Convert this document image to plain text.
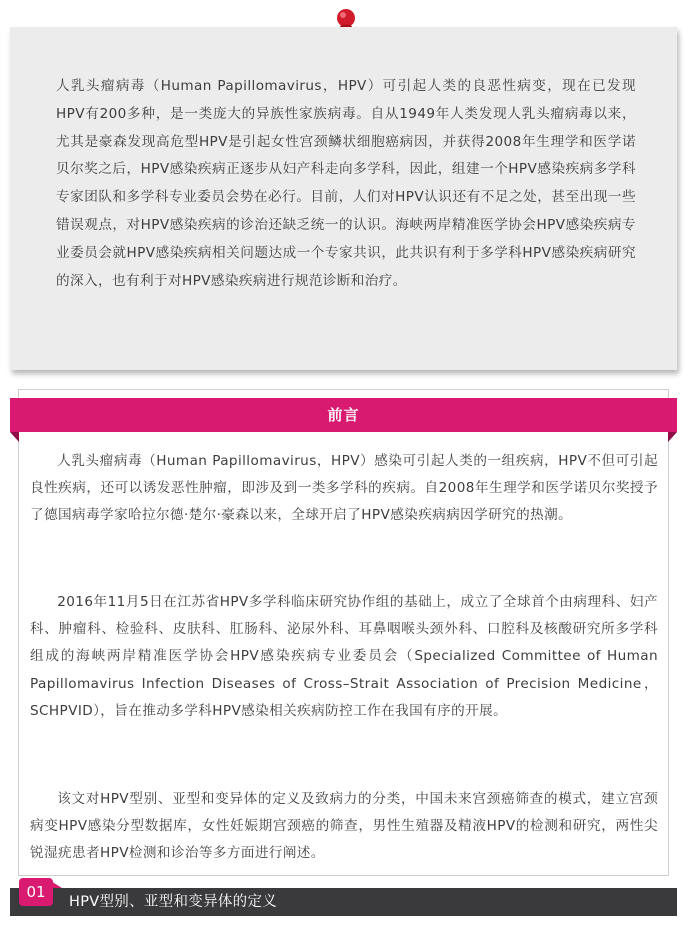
人乳头瘤病毒（Human Papillomavirus，HPV）可引起人类的良恶性病变，现在已发现HPV有200多种，是一类庞大的异族性家族病毒。自从1949年人类发现人乳头瘤病毒以来，尤其是豪森发现高危型HPV是引起女性宫颈鳞状细胞癌病因，并获得2008年生理学和医学诺贝尔奖之后，HPV感染疾病正逐步从妇产科走向多学科，因此，组建一个HPV感染疾病多学科专家团队和多学科专业委员会势在必行。目前，人们对HPV认识还有不足之处，甚至出现一些错误观点，对HPV感染疾病的诊治还缺乏统一的认识。海峡两岸精准医学协会HPV感染疾病专业委员会就HPV感染疾病相关问题达成一个专家共识，此共识有利于多学科HPV感染疾病研究的深入，也有利于对HPV感染疾病进行规范诊断和治疗。

前言

人乳头瘤病毒（Human Papillomavirus，HPV）感染可引起人类的一组疾病，HPV不但可引起良性疾病，还可以诱发恶性肿瘤，即涉及到一类多学科的疾病。自2008年生理学和医学诺贝尔奖授予了德国病毒学家哈拉尔德·楚尔·豪森以来，全球开启了HPV感染疾病病因学研究的热潮。

2016年11月5日在江苏省HPV多学科临床研究协作组的基础上，成立了全球首个由病理科、妇产科、肿瘤科、检验科、皮肤科、肛肠科、泌尿外科、耳鼻咽喉头颈外科、口腔科及核酸研究所多学科组成的海峡两岸精准医学协会HPV感染疾病专业委员会（Specialized Committee of Human Papillomavirus Infection Diseases of Cross–Strait Association of Precision Medicine，SCHPVID），旨在推动多学科HPV感染相关疾病防控工作在我国有序的开展。

该文对HPV型别、亚型和变异体的定义及致病力的分类，中国未来宫颈癌筛查的模式，建立宫颈病变HPV感染分型数据库，女性妊娠期宫颈癌的筛查，男性生殖器及精液HPV的检测和研究，两性尖锐湿疣患者HPV检测和诊治等多方面进行阐述。

01
HPV型别、亚型和变异体的定义
